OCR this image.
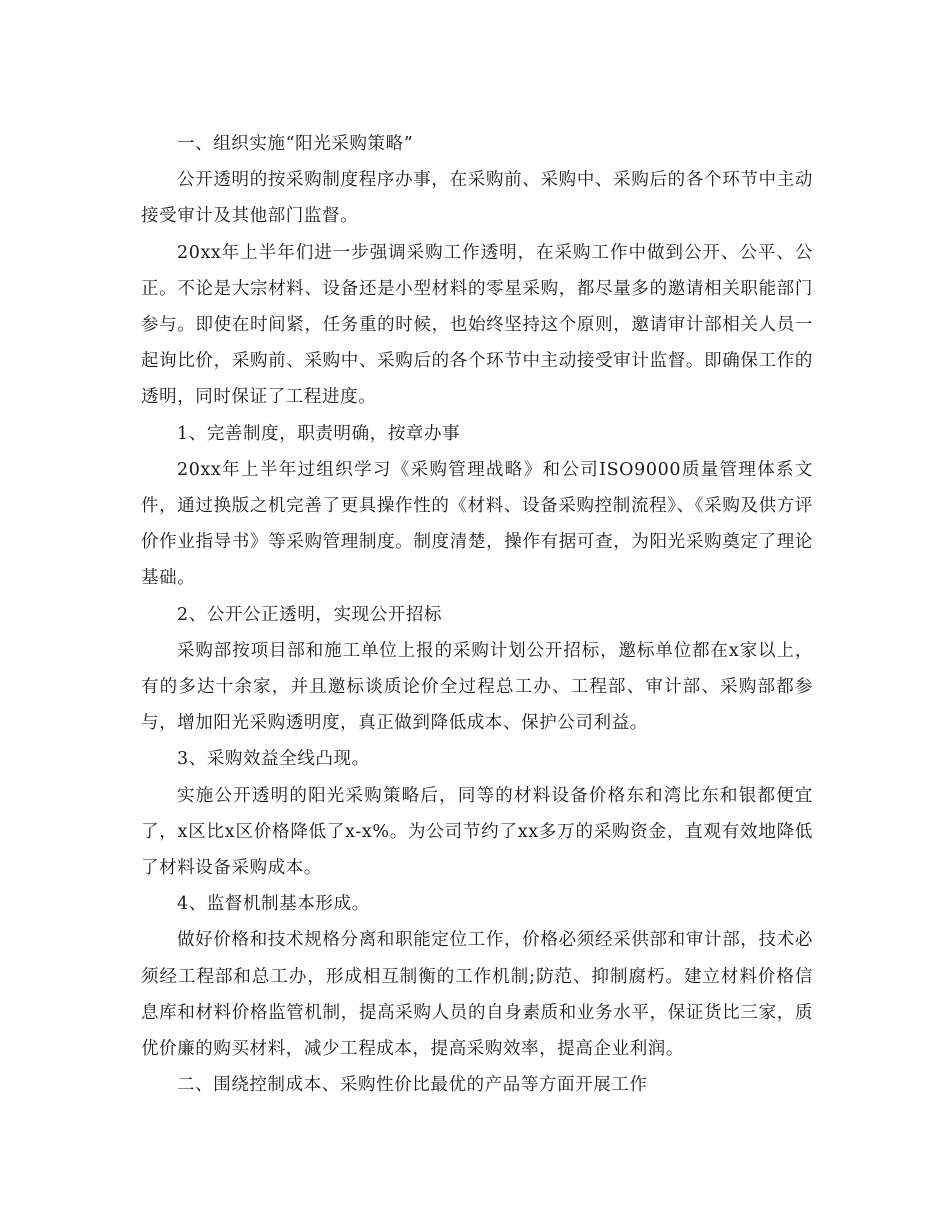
一、组织实施“阳光采购策略”

公开透明的按采购制度程序办事，在采购前、采购中、采购后的各个环节中主动接受审计及其他部门监督。

20xx年上半年们进一步强调采购工作透明，在采购工作中做到公开、公平、公正。不论是大宗材料、设备还是小型材料的零星采购，都尽量多的邀请相关职能部门参与。即使在时间紧，任务重的时候，也始终坚持这个原则，邀请审计部相关人员一起询比价，采购前、采购中、采购后的各个环节中主动接受审计监督。即确保工作的透明，同时保证了工程进度。

1、完善制度，职责明确，按章办事

20xx年上半年过组织学习《采购管理战略》和公司ISO9000质量管理体系文件，通过换版之机完善了更具操作性的《材料、设备采购控制流程》、《采购及供方评价作业指导书》等采购管理制度。制度清楚，操作有据可查，为阳光采购奠定了理论基础。

2、公开公正透明，实现公开招标

采购部按项目部和施工单位上报的采购计划公开招标，邀标单位都在x家以上，有的多达十余家，并且邀标谈质论价全过程总工办、工程部、审计部、采购部都参与，增加阳光采购透明度，真正做到降低成本、保护公司利益。

3、采购效益全线凸现。

实施公开透明的阳光采购策略后，同等的材料设备价格东和湾比东和银都便宜了，x区比x区价格降低了x-x%。为公司节约了xx多万的采购资金，直观有效地降低了材料设备采购成本。

4、监督机制基本形成。

做好价格和技术规格分离和职能定位工作，价格必须经采供部和审计部，技术必须经工程部和总工办，形成相互制衡的工作机制;防范、抑制腐朽。建立材料价格信息库和材料价格监管机制，提高采购人员的自身素质和业务水平，保证货比三家，质优价廉的购买材料，减少工程成本，提高采购效率，提高企业利润。

二、围绕控制成本、采购性价比最优的产品等方面开展工作
